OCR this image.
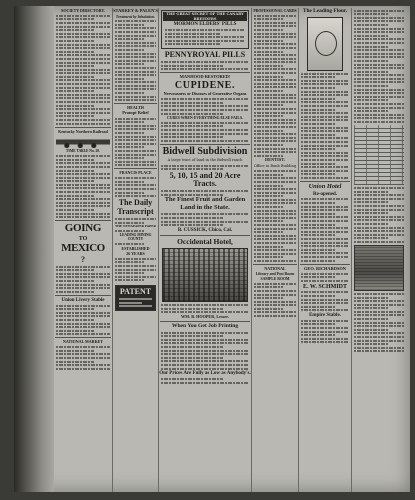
SOCIETY DIRECTORY.
Kentucky Northern Railroad
TIME TABLE No. 20.
GOING
TO
MEXICO
?
Union Livery Stable
NATIONAL MARKET
STARKEY & PALEN'S
Treatment by Inhalation.
HEALTH
Prompt Relief
FRANCIS PLACE
The Daily
Transcript
THE NEWSPAPER PAPER
LEADING MINING COUNTY
ESTABLISHED
26 YEARS
PATENT
THE GREAT SECRET OF THE CANARY BREEDERS
MORMON ELDERS' PILLS
PENNYROYAL PILLS
MANHOOD RESTORED!
CUPIDENE.
Nervousness or Diseases of Generative Organs
CURES WHEN EVERYTHING ELSE FAILS.
Bidwell Subdivision
A large tract of land in the Bidwell ranch
5, 10, 15 and 20 Acre Tracts.
The Finest Fruit and Garden
Land in the State.
B. CUSSICK, Chico, Cal.
Occidental Hotel,
WM. B. HOOPER, Lessee.
When You Get Job Printing
Our Prices Are Fully as Low as Anybody's.
PROFESSIONAL CARDS
DENTIST.
Office in Bank Building
NATIONAL
Library and Post Room
SAMPLE ROOM
The Leading Flour.
Union Hotel
Re-opened.
GEO. RICHARDSON
E. W. SCHMIDT
Empire Stable.
